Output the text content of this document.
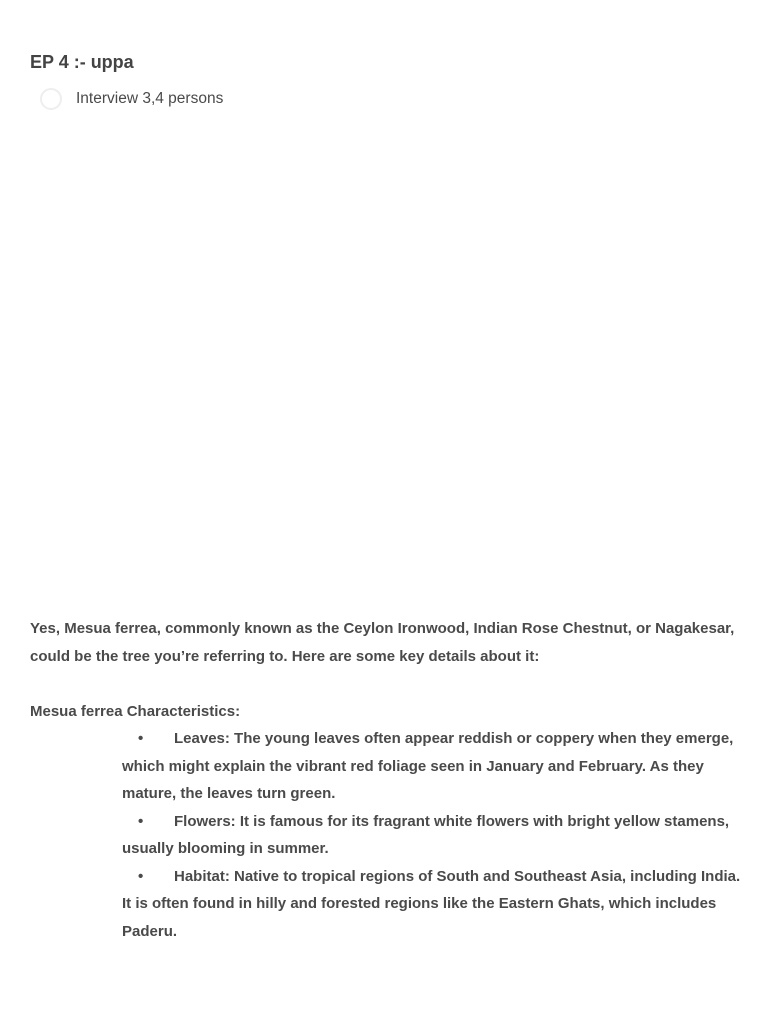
EP 4 :- uppa
Interview 3,4 persons

Yes, Mesua ferrea, commonly known as the Ceylon Ironwood, Indian Rose Chestnut, or Nagakesar, could be the tree you’re referring to. Here are some key details about it:

Mesua ferrea Characteristics:

• Leaves: The young leaves often appear reddish or coppery when they emerge, which might explain the vibrant red foliage seen in January and February. As they mature, the leaves turn green.
• Flowers: It is famous for its fragrant white flowers with bright yellow stamens, usually blooming in summer.
• Habitat: Native to tropical regions of South and Southeast Asia, including India. It is often found in hilly and forested regions like the Eastern Ghats, which includes Paderu.
